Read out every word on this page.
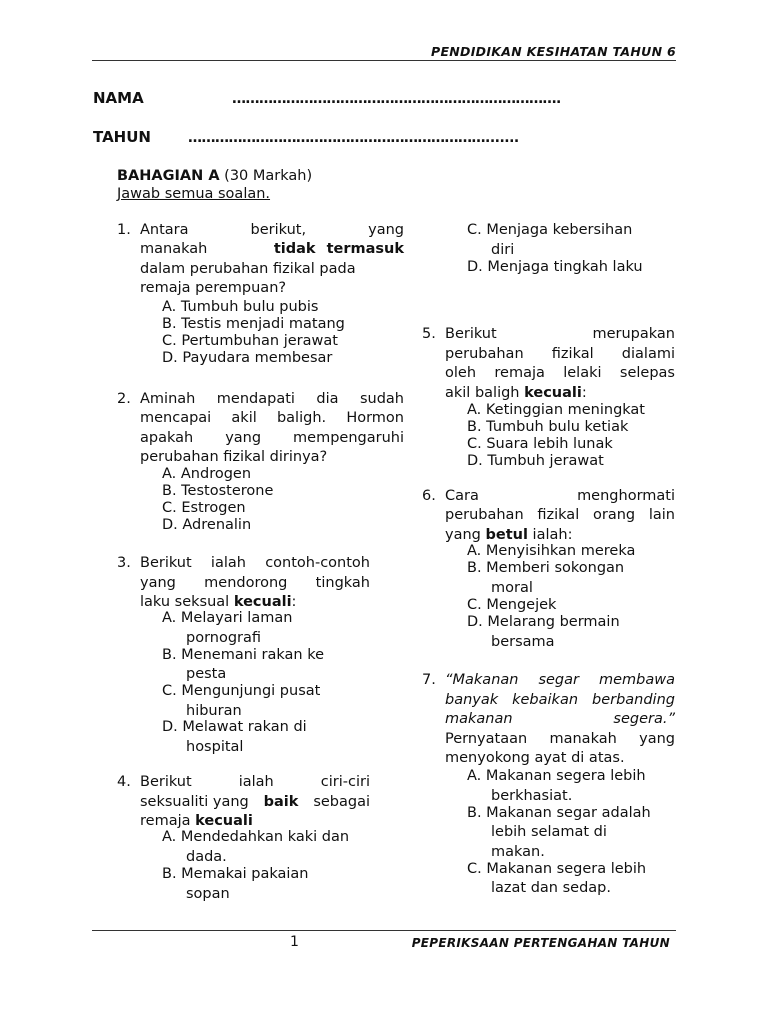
PENDIDIKAN KESIHATAN TAHUN 6
NAMA	……………………………………………………………….
TAHUN	………………………………………………………….......
BAHAGIAN A (30 Markah)
Jawab semua soalan.
1. Antara	berikut,	yang
manakah	tidak termasuk
dalam perubahan fizikal pada
remaja perempuan?
A. Tumbuh bulu pubis
B. Testis menjadi matang
C. Pertumbuhan jerawat
D. Payudara membesar
2. Aminah mendapati dia sudah
mencapai akil baligh. Hormon
apakah yang mempengaruhi
perubahan fizikal dirinya?
A. Androgen
B. Testosterone
C. Estrogen
D. Adrenalin
3. Berikut ialah contoh-contoh
yang mendorong tingkah
laku seksual kecuali:
A. Melayari laman
pornografi
B. Menemani rakan ke
pesta
C. Mengunjungi pusat
hiburan
D. Melawat rakan di
hospital
4. Berikut	ialah	ciri-ciri
seksualiti yang baik sebagai
remaja kecuali
A. Mendedahkan kaki dan
dada.
B. Memakai pakaian
sopan
C. Menjaga kebersihan
diri
D. Menjaga tingkah laku
5. Berikut	merupakan
perubahan fizikal dialami
oleh remaja lelaki selepas
akil baligh kecuali:
A. Ketinggian meningkat
B. Tumbuh bulu ketiak
C. Suara lebih lunak
D. Tumbuh jerawat
6. Cara	menghormati
perubahan fizikal orang lain
yang betul ialah:
A. Menyisihkan mereka
B. Memberi sokongan
moral
C. Mengejek
D. Melarang bermain
bersama
7. “Makanan segar membawa
banyak kebaikan berbanding
makanan	segera.”
Pernyataan manakah yang
menyokong ayat di atas.
A. Makanan segera lebih
berkhasiat.
B. Makanan segar adalah
lebih selamat di
makan.
C. Makanan segera lebih
lazat dan sedap.
1	PEPERIKSAAN PERTENGAHAN TAHUN
